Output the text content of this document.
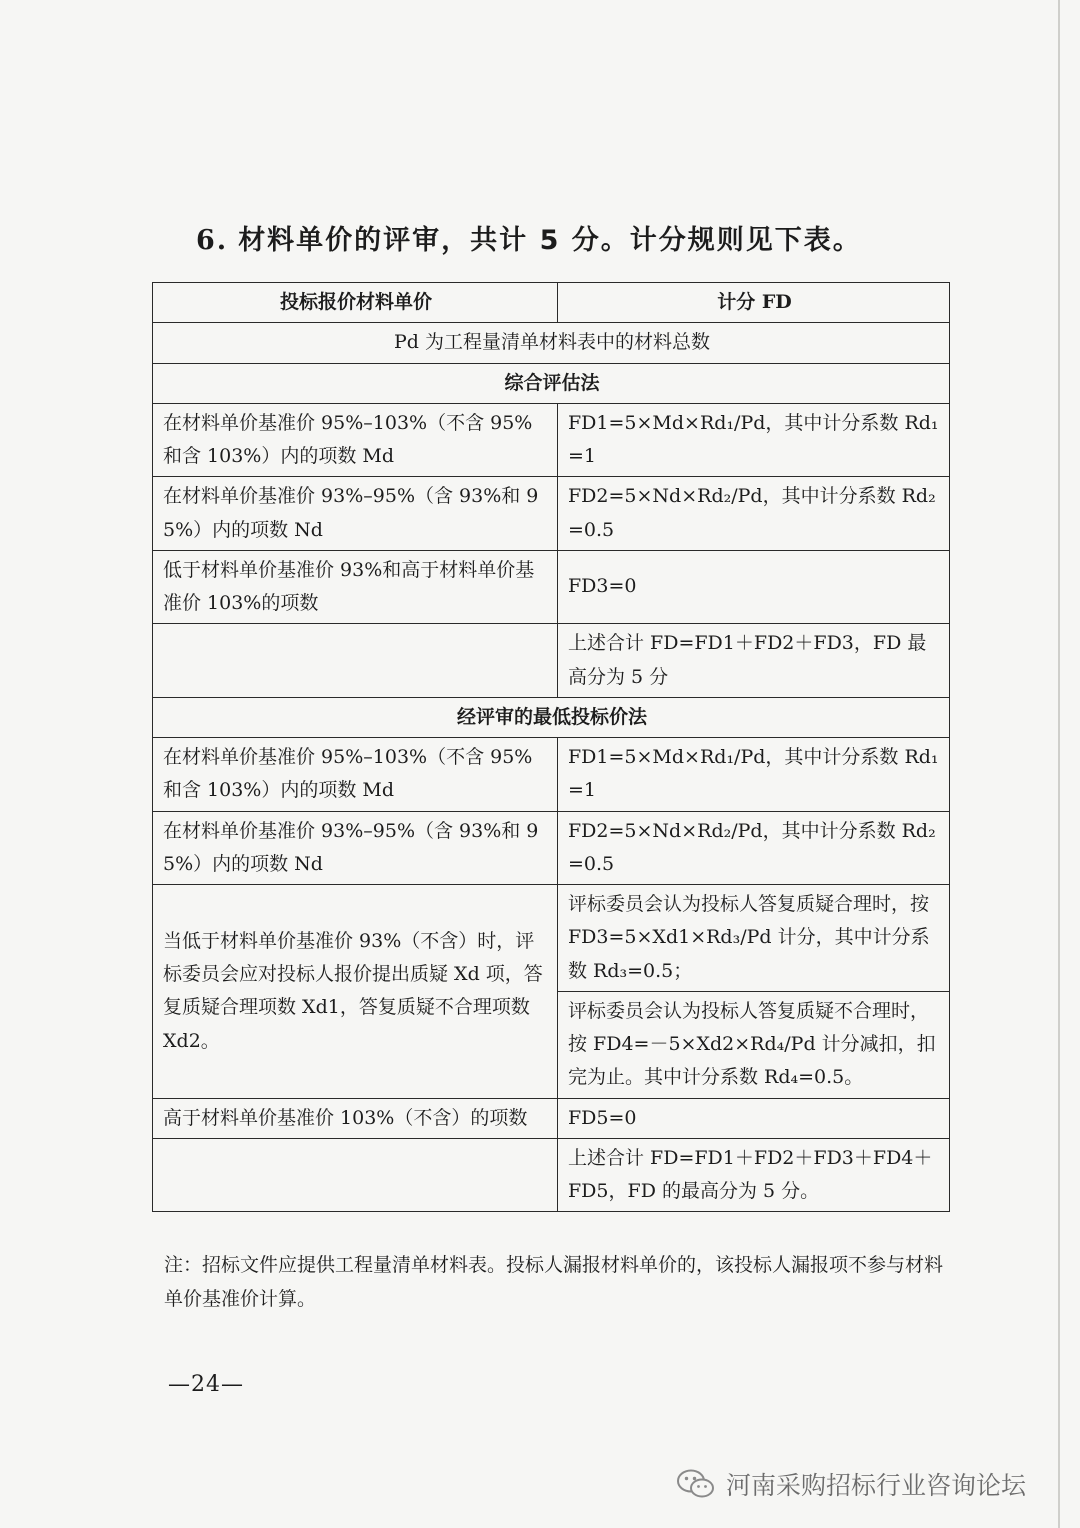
6. 材料单价的评审，共计 5 分。计分规则见下表。
投标报价材料单价	计分 FD
Pd 为工程量清单材料表中的材料总数	
综合评估法	
在材料单价基准价 95%–103%（不含 95%和含 103%）内的项数 Md	FD1=5×Md×Rd₁/Pd，其中计分系数 Rd₁=1
在材料单价基准价 93%–95%（含 93%和 95%）内的项数 Nd	FD2=5×Nd×Rd₂/Pd，其中计分系数 Rd₂=0.5
低于材料单价基准价 93%和高于材料单价基准价 103%的项数	FD3=0
	上述合计 FD=FD1＋FD2＋FD3，FD 最高分为 5 分
经评审的最低投标价法	
在材料单价基准价 95%–103%（不含 95%和含 103%）内的项数 Md	FD1=5×Md×Rd₁/Pd，其中计分系数 Rd₁=1
在材料单价基准价 93%–95%（含 93%和 95%）内的项数 Nd	FD2=5×Nd×Rd₂/Pd，其中计分系数 Rd₂=0.5
当低于材料单价基准价 93%（不含）时，评标委员会应对投标人报价提出质疑 Xd 项，答复质疑合理项数 Xd1，答复质疑不合理项数 Xd2。	评标委员会认为投标人答复质疑合理时，按 FD3=5×Xd1×Rd₃/Pd 计分，其中计分系数 Rd₃=0.5；
	评标委员会认为投标人答复质疑不合理时，按 FD4=－5×Xd2×Rd₄/Pd 计分减扣，扣完为止。其中计分系数 Rd₄=0.5。
高于材料单价基准价 103%（不含）的项数	FD5=0
	上述合计 FD=FD1＋FD2＋FD3＋FD4＋FD5，FD 的最高分为 5 分。
注：招标文件应提供工程量清单材料表。投标人漏报材料单价的，该投标人漏报项不参与材料单价基准价计算。
—24—
河南采购招标行业咨询论坛
